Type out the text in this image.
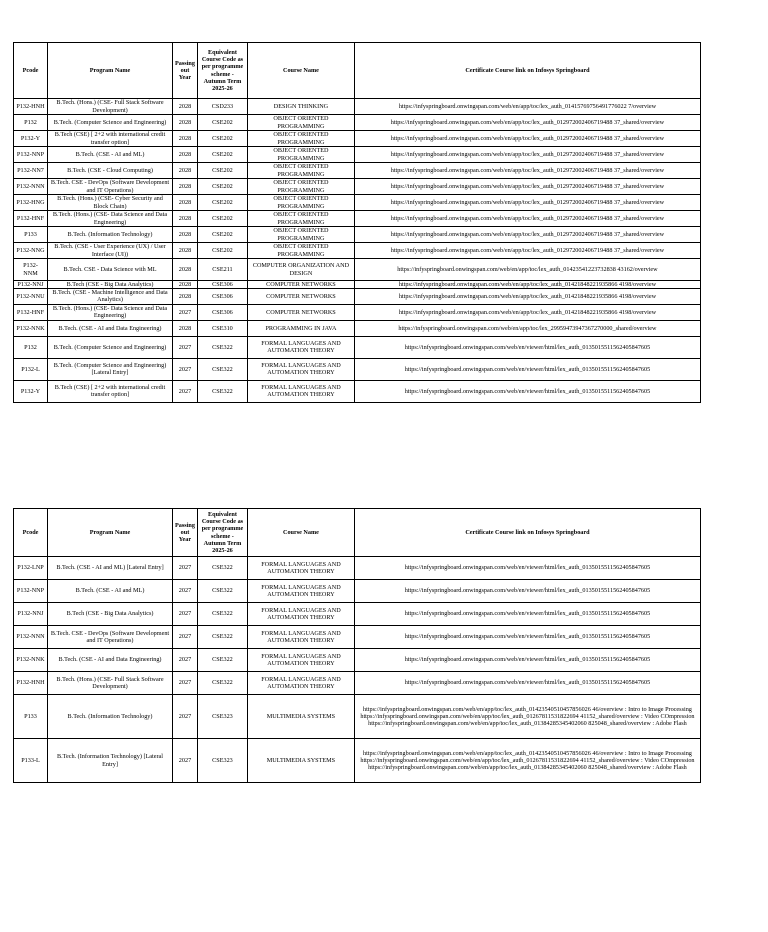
Pcode	Program Name	Passing out Year	Equivalent Course Code as per programme scheme - Autumn Term 2025-26	Course Name	Certificate Course link on Infosys Springboard
P132-HNH	B.Tech. (Hons.) (CSE- Full Stack Software Development)	2028	CSD233	DESIGN THINKING	https://infyspringboard.onwingspan.com/web/en/app/toc/lex_auth_01415769756491776022 7/overview
P132	B.Tech. (Computer Science and Engineering)	2028	CSE202	OBJECT ORIENTED PROGRAMMING	https://infyspringboard.onwingspan.com/web/en/app/toc/lex_auth_012972002406719488 37_shared/overview
P132-Y	B.Tech (CSE) [ 2+2 with international credit transfer option]	2028	CSE202	OBJECT ORIENTED PROGRAMMING	https://infyspringboard.onwingspan.com/web/en/app/toc/lex_auth_012972002406719488 37_shared/overview
P132-NNP	B.Tech. (CSE - AI and ML)	2028	CSE202	OBJECT ORIENTED PROGRAMMING	https://infyspringboard.onwingspan.com/web/en/app/toc/lex_auth_012972002406719488 37_shared/overview
P132-NN7	B.Tech. (CSE - Cloud Computing)	2028	CSE202	OBJECT ORIENTED PROGRAMMING	https://infyspringboard.onwingspan.com/web/en/app/toc/lex_auth_012972002406719488 37_shared/overview
P132-NNN	B.Tech. CSE - DevOps (Software Development and IT Operations)	2028	CSE202	OBJECT ORIENTED PROGRAMMING	https://infyspringboard.onwingspan.com/web/en/app/toc/lex_auth_012972002406719488 37_shared/overview
P132-HNG	B.Tech. (Hons.) (CSE- Cyber Security and Block Chain)	2028	CSE202	OBJECT ORIENTED PROGRAMMING	https://infyspringboard.onwingspan.com/web/en/app/toc/lex_auth_012972002406719488 37_shared/overview
P132-HNF	B.Tech. (Hons.) (CSE- Data Science and Data Engineering)	2028	CSE202	OBJECT ORIENTED PROGRAMMING	https://infyspringboard.onwingspan.com/web/en/app/toc/lex_auth_012972002406719488 37_shared/overview
P133	B.Tech. (Information Technology)	2028	CSE202	OBJECT ORIENTED PROGRAMMING	https://infyspringboard.onwingspan.com/web/en/app/toc/lex_auth_012972002406719488 37_shared/overview
P132-NNG	B.Tech. (CSE - User Experience (UX) / User Interface (UI))	2028	CSE202	OBJECT ORIENTED PROGRAMMING	https://infyspringboard.onwingspan.com/web/en/app/toc/lex_auth_012972002406719488 37_shared/overview
P132-NNM	B.Tech. CSE - Data Science with ML	2028	CSE211	COMPUTER ORGANIZATION AND DESIGN	https://infyspringboard.onwingspan.com/web/en/app/toc/lex_auth_01423541223732838 43162/overview
P132-NNJ	B.Tech (CSE - Big Data Analytics)	2028	CSE306	COMPUTER NETWORKS	https://infyspringboard.onwingspan.com/web/en/app/toc/lex_auth_01421848221935866 4198/overview
P132-NNU	B.Tech. (CSE - Machine Intelligence and Data Analytics)	2028	CSE306	COMPUTER NETWORKS	https://infyspringboard.onwingspan.com/web/en/app/toc/lex_auth_01421848221935866 4198/overview
P132-HNF	B.Tech. (Hons.) (CSE- Data Science and Data Engineering)	2027	CSE306	COMPUTER NETWORKS	https://infyspringboard.onwingspan.com/web/en/app/toc/lex_auth_01421848221935866 4198/overview
P132-NNK	B.Tech. (CSE - AI and Data Engineering)	2028	CSE310	PROGRAMMING IN JAVA	https://infyspringboard.onwingspan.com/web/en/app/toc/lex_29959473947367270000_shared/overview
P132	B.Tech. (Computer Science and Engineering)	2027	CSE322	FORMAL LANGUAGES AND AUTOMATION THEORY	https://infyspringboard.onwingspan.com/web/en/viewer/html/lex_auth_0135015511562405847605
P132-L	B.Tech. (Computer Science and Engineering) [Lateral Entry]	2027	CSE322	FORMAL LANGUAGES AND AUTOMATION THEORY	https://infyspringboard.onwingspan.com/web/en/viewer/html/lex_auth_0135015511562405847605
P132-Y	B.Tech (CSE) [ 2+2 with international credit transfer option]	2027	CSE322	FORMAL LANGUAGES AND AUTOMATION THEORY	https://infyspringboard.onwingspan.com/web/en/viewer/html/lex_auth_0135015511562405847605
Pcode	Program Name	Passing out Year	Equivalent Course Code as per programme scheme - Autumn Term 2025-26	Course Name	Certificate Course link on Infosys Springboard
P132-LNP	B.Tech. (CSE - AI and ML) [Lateral Entry]	2027	CSE322	FORMAL LANGUAGES AND AUTOMATION THEORY	https://infyspringboard.onwingspan.com/web/en/viewer/html/lex_auth_0135015511562405847605
P132-NNP	B.Tech. (CSE - AI and ML)	2027	CSE322	FORMAL LANGUAGES AND AUTOMATION THEORY	https://infyspringboard.onwingspan.com/web/en/viewer/html/lex_auth_0135015511562405847605
P132-NNJ	B.Tech (CSE - Big Data Analytics)	2027	CSE322	FORMAL LANGUAGES AND AUTOMATION THEORY	https://infyspringboard.onwingspan.com/web/en/viewer/html/lex_auth_0135015511562405847605
P132-NNN	B.Tech. CSE - DevOps (Software Development and IT Operations)	2027	CSE322	FORMAL LANGUAGES AND AUTOMATION THEORY	https://infyspringboard.onwingspan.com/web/en/viewer/html/lex_auth_0135015511562405847605
P132-NNK	B.Tech. (CSE - AI and Data Engineering)	2027	CSE322	FORMAL LANGUAGES AND AUTOMATION THEORY	https://infyspringboard.onwingspan.com/web/en/viewer/html/lex_auth_0135015511562405847605
P132-HNH	B.Tech. (Hons.) (CSE- Full Stack Software Development)	2027	CSE322	FORMAL LANGUAGES AND AUTOMATION THEORY	https://infyspringboard.onwingspan.com/web/en/viewer/html/lex_auth_0135015511562405847605
P133	B.Tech. (Information Technology)	2027	CSE323	MULTIMEDIA SYSTEMS	https://infyspringboard.onwingspan.com/web/en/app/toc/lex_auth_01423540510457856026 46/overview : Intro to Image Processing https://infyspringboard.onwingspan.com/web/en/app/toc/lex_auth_01267811531822694 41152_shared/overview : Video COmpression https://infyspringboard.onwingspan.com/web/en/app/toc/lex_auth_01384285345402060 825048_shared/overview : Adobe Flash
P133-L	B.Tech. (Information Technology) [Lateral Entry]	2027	CSE323	MULTIMEDIA SYSTEMS	https://infyspringboard.onwingspan.com/web/en/app/toc/lex_auth_01423540510457856026 46/overview : Intro to Image Processing https://infyspringboard.onwingspan.com/web/en/app/toc/lex_auth_01267811531822694 41152_shared/overview : Video COmpression https://infyspringboard.onwingspan.com/web/en/app/toc/lex_auth_01384285345402060 825048_shared/overview : Adobe Flash
